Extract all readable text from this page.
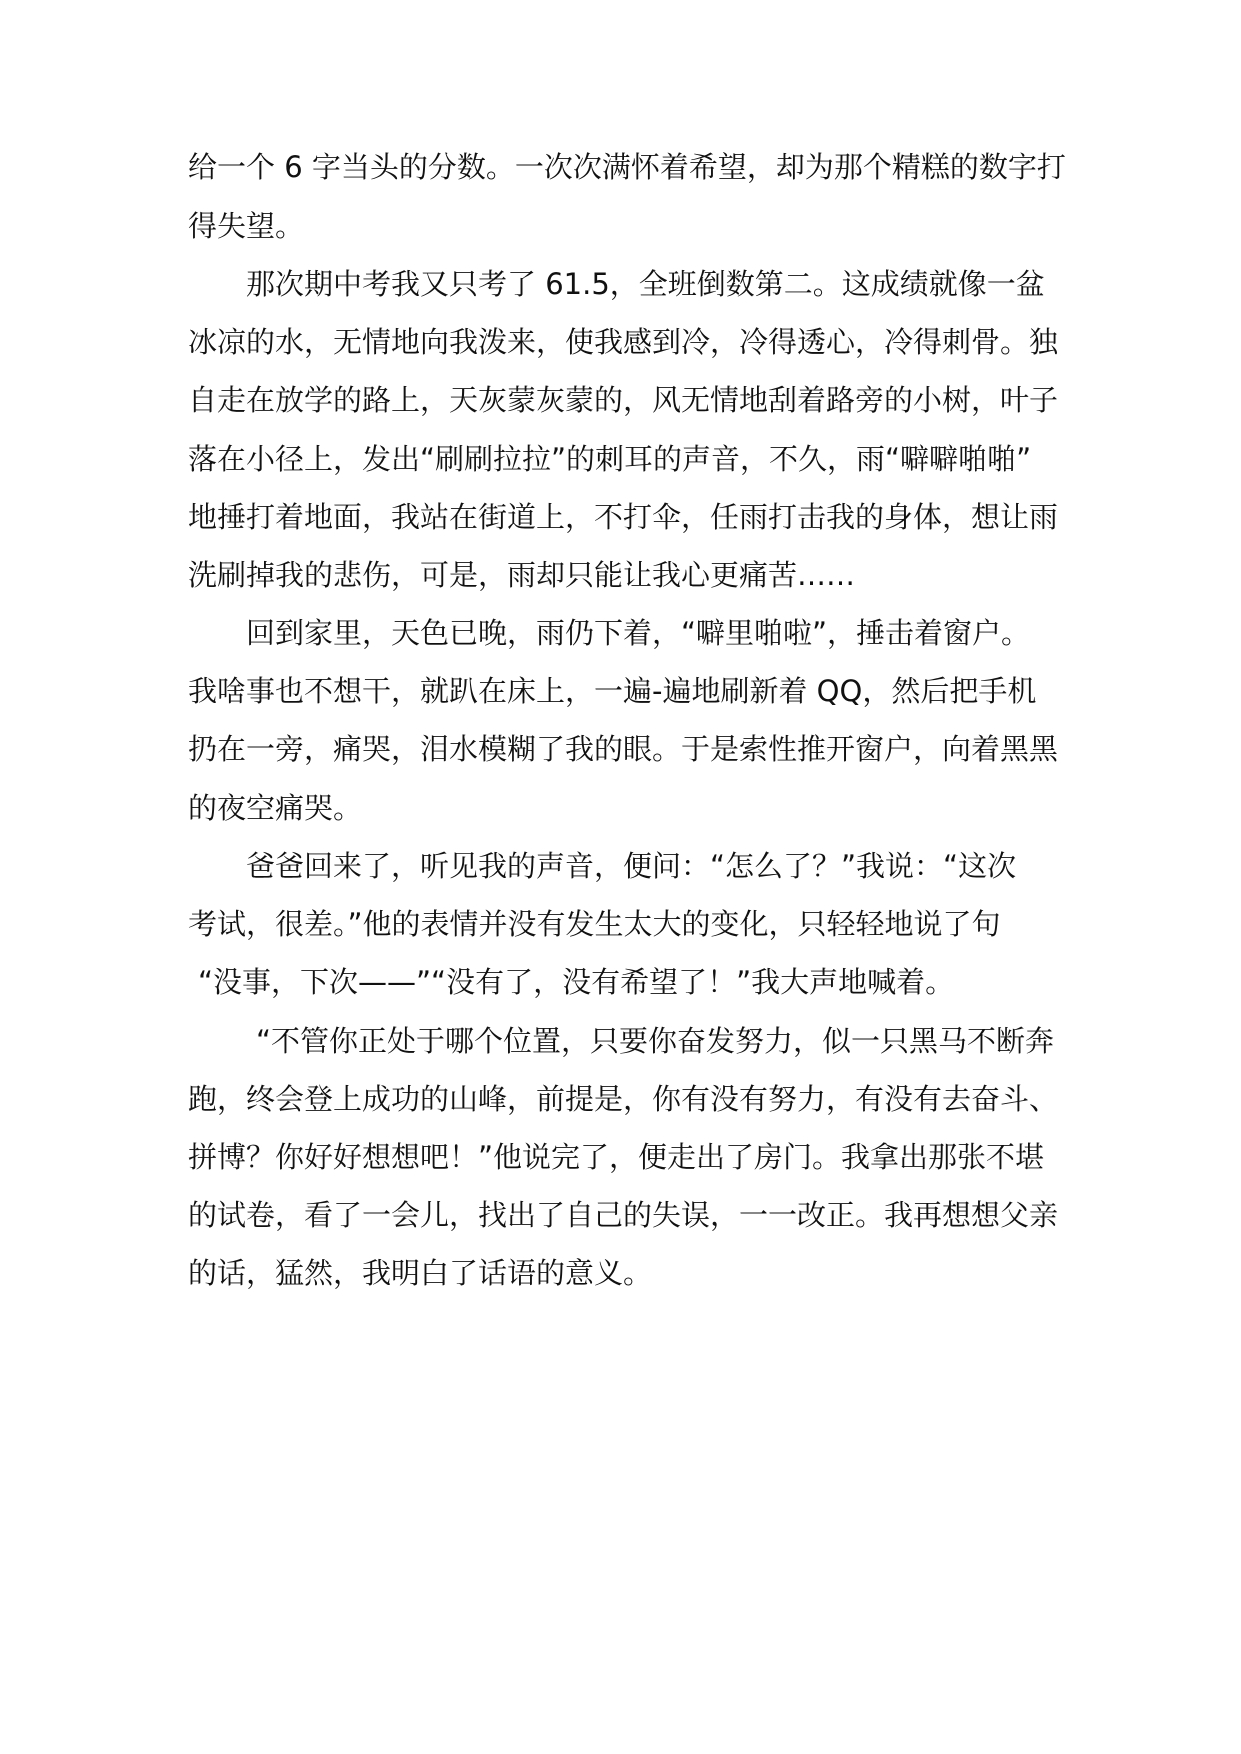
给一个 6 字当头的分数。一次次满怀着希望，却为那个精糕的数字打
得失望。
那次期中考我又只考了 61.5，全班倒数第二。这成绩就像一盆
冰凉的水，无情地向我泼来，使我感到冷，冷得透心，冷得刺骨。独
自走在放学的路上，天灰蒙灰蒙的，风无情地刮着路旁的小树，叶子
落在小径上，发出“刷刷拉拉”的刺耳的声音，不久，雨“噼噼啪啪”
地捶打着地面，我站在街道上，不打伞，任雨打击我的身体，想让雨
洗刷掉我的悲伤，可是，雨却只能让我心更痛苦……
回到家里，天色已晚，雨仍下着，“噼里啪啦”，捶击着窗户。
我啥事也不想干，就趴在床上，一遍-遍地刷新着 QQ，然后把手机
扔在一旁，痛哭，泪水模糊了我的眼。于是索性推开窗户，向着黑黑
的夜空痛哭。
爸爸回来了，听见我的声音，便问：“怎么了？”我说：“这次
考试，很差。”他的表情并没有发生太大的变化，只轻轻地说了句
“没事，下次——”“没有了，没有希望了！”我大声地喊着。
“不管你正处于哪个位置，只要你奋发努力，似一只黑马不断奔
跑，终会登上成功的山峰，前提是，你有没有努力，有没有去奋斗、
拼博？你好好想想吧！”他说完了，便走出了房门。我拿出那张不堪
的试卷，看了一会儿，找出了自己的失误，一一改正。我再想想父亲
的话，猛然，我明白了话语的意义。
